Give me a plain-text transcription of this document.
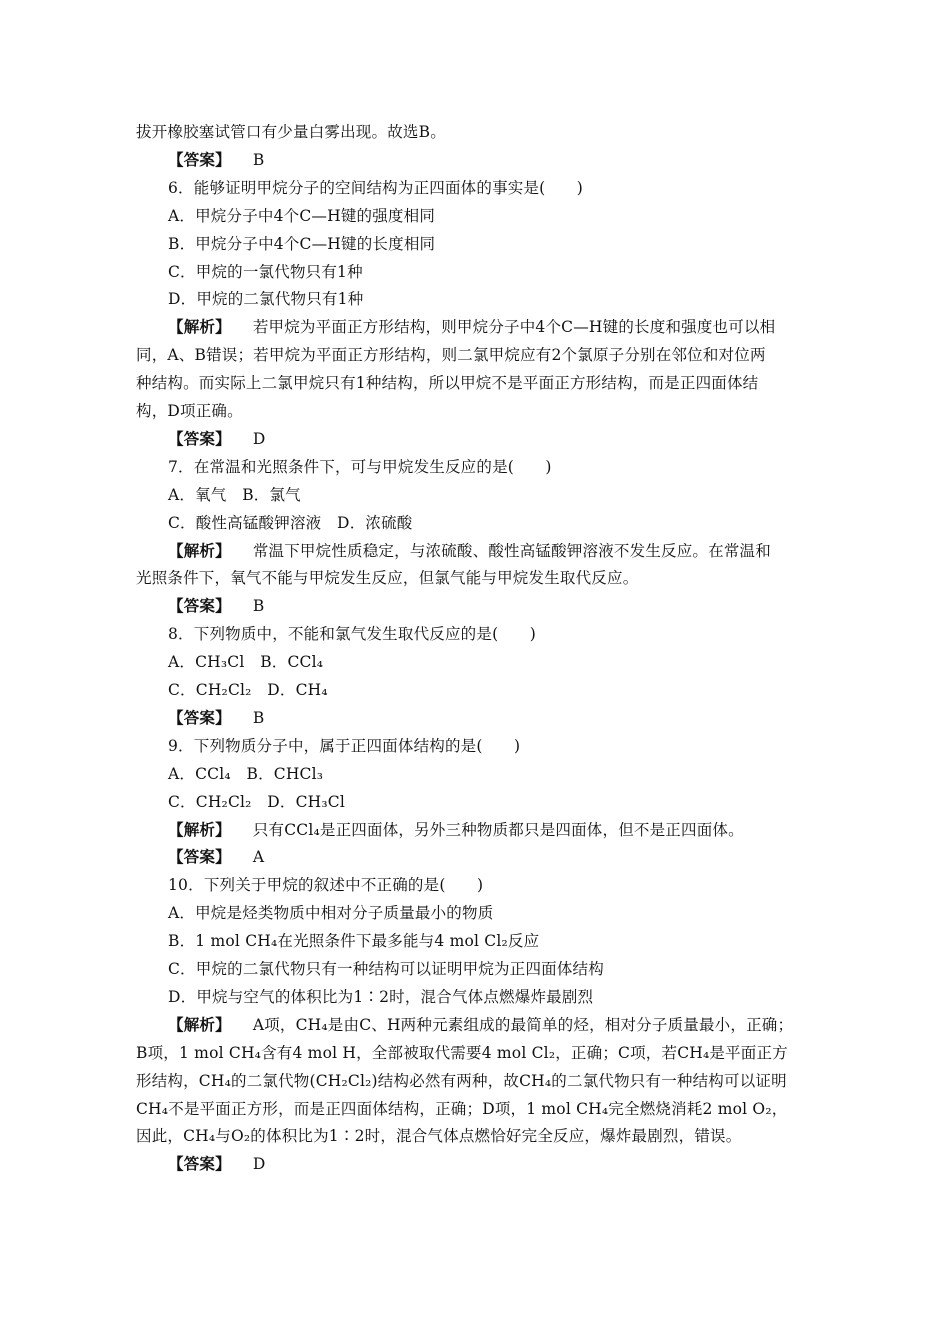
拔开橡胶塞试管口有少量白雾出现。故选B。
【答案】 B
6．能够证明甲烷分子的空间结构为正四面体的事实是(　　)
A．甲烷分子中4个C—H键的强度相同
B．甲烷分子中4个C—H键的长度相同
C．甲烷的一氯代物只有1种
D．甲烷的二氯代物只有1种
【解析】 若甲烷为平面正方形结构，则甲烷分子中4个C—H键的长度和强度也可以相
同，A、B错误；若甲烷为平面正方形结构，则二氯甲烷应有2个氯原子分别在邻位和对位两
种结构。而实际上二氯甲烷只有1种结构，所以甲烷不是平面正方形结构，而是正四面体结
构，D项正确。
【答案】 D
7．在常温和光照条件下，可与甲烷发生反应的是(　　)
A．氧气　B．氯气
C．酸性高锰酸钾溶液　D．浓硫酸
【解析】 常温下甲烷性质稳定，与浓硫酸、酸性高锰酸钾溶液不发生反应。在常温和
光照条件下，氧气不能与甲烷发生反应，但氯气能与甲烷发生取代反应。
【答案】 B
8．下列物质中，不能和氯气发生取代反应的是(　　)
A．CH₃Cl　B．CCl₄
C．CH₂Cl₂　D．CH₄
【答案】 B
9．下列物质分子中，属于正四面体结构的是(　　)
A．CCl₄　B．CHCl₃
C．CH₂Cl₂　D．CH₃Cl
【解析】 只有CCl₄是正四面体，另外三种物质都只是四面体，但不是正四面体。
【答案】 A
10．下列关于甲烷的叙述中不正确的是(　　)
A．甲烷是烃类物质中相对分子质量最小的物质
B．1 mol CH₄在光照条件下最多能与4 mol Cl₂反应
C．甲烷的二氯代物只有一种结构可以证明甲烷为正四面体结构
D．甲烷与空气的体积比为1∶2时，混合气体点燃爆炸最剧烈
【解析】 A项，CH₄是由C、H两种元素组成的最简单的烃，相对分子质量最小，正确；
B项，1 mol CH₄含有4 mol H，全部被取代需要4 mol Cl₂，正确；C项，若CH₄是平面正方
形结构，CH₄的二氯代物(CH₂Cl₂)结构必然有两种，故CH₄的二氯代物只有一种结构可以证明
CH₄不是平面正方形，而是正四面体结构，正确；D项，1 mol CH₄完全燃烧消耗2 mol O₂，
因此，CH₄与O₂的体积比为1∶2时，混合气体点燃恰好完全反应，爆炸最剧烈，错误。
【答案】 D
